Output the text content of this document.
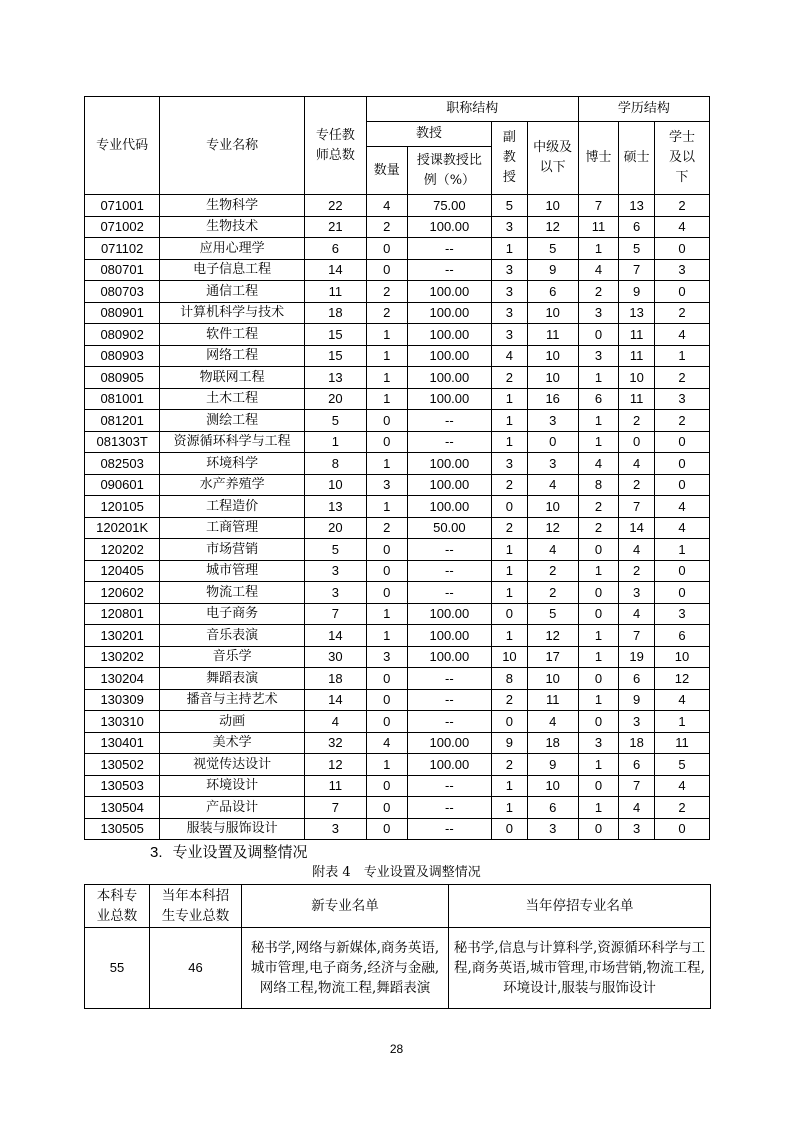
专业代码	专业名称	专任教师总数	职称结构				学历结构		
			教授		副教授	中级及以下	博士	硕士	学士及以下
			数量	授课教授比例（%）					
071001	生物科学	22	4	75.00	5	10	7	13	2
071002	生物技术	21	2	100.00	3	12	11	6	4
071102	应用心理学	6	0	--	1	5	1	5	0
080701	电子信息工程	14	0	--	3	9	4	7	3
080703	通信工程	11	2	100.00	3	6	2	9	0
080901	计算机科学与技术	18	2	100.00	3	10	3	13	2
080902	软件工程	15	1	100.00	3	11	0	11	4
080903	网络工程	15	1	100.00	4	10	3	11	1
080905	物联网工程	13	1	100.00	2	10	1	10	2
081001	土木工程	20	1	100.00	1	16	6	11	3
081201	测绘工程	5	0	--	1	3	1	2	2
081303T	资源循环科学与工程	1	0	--	1	0	1	0	0
082503	环境科学	8	1	100.00	3	3	4	4	0
090601	水产养殖学	10	3	100.00	2	4	8	2	0
120105	工程造价	13	1	100.00	0	10	2	7	4
120201K	工商管理	20	2	50.00	2	12	2	14	4
120202	市场营销	5	0	--	1	4	0	4	1
120405	城市管理	3	0	--	1	2	1	2	0
120602	物流工程	3	0	--	1	2	0	3	0
120801	电子商务	7	1	100.00	0	5	0	4	3
130201	音乐表演	14	1	100.00	1	12	1	7	6
130202	音乐学	30	3	100.00	10	17	1	19	10
130204	舞蹈表演	18	0	--	8	10	0	6	12
130309	播音与主持艺术	14	0	--	2	11	1	9	4
130310	动画	4	0	--	0	4	0	3	1
130401	美术学	32	4	100.00	9	18	3	18	11
130502	视觉传达设计	12	1	100.00	2	9	1	6	5
130503	环境设计	11	0	--	1	10	0	7	4
130504	产品设计	7	0	--	1	6	1	4	2
130505	服装与服饰设计	3	0	--	0	3	0	3	0
3. 专业设置及调整情况
附表 4　专业设置及调整情况
本科专业总数	当年本科招生专业总数	新专业名单	当年停招专业名单
55	46	秘书学,网络与新媒体,商务英语,城市管理,电子商务,经济与金融,网络工程,物流工程,舞蹈表演	秘书学,信息与计算科学,资源循环科学与工程,商务英语,城市管理,市场营销,物流工程,环境设计,服装与服饰设计
28
